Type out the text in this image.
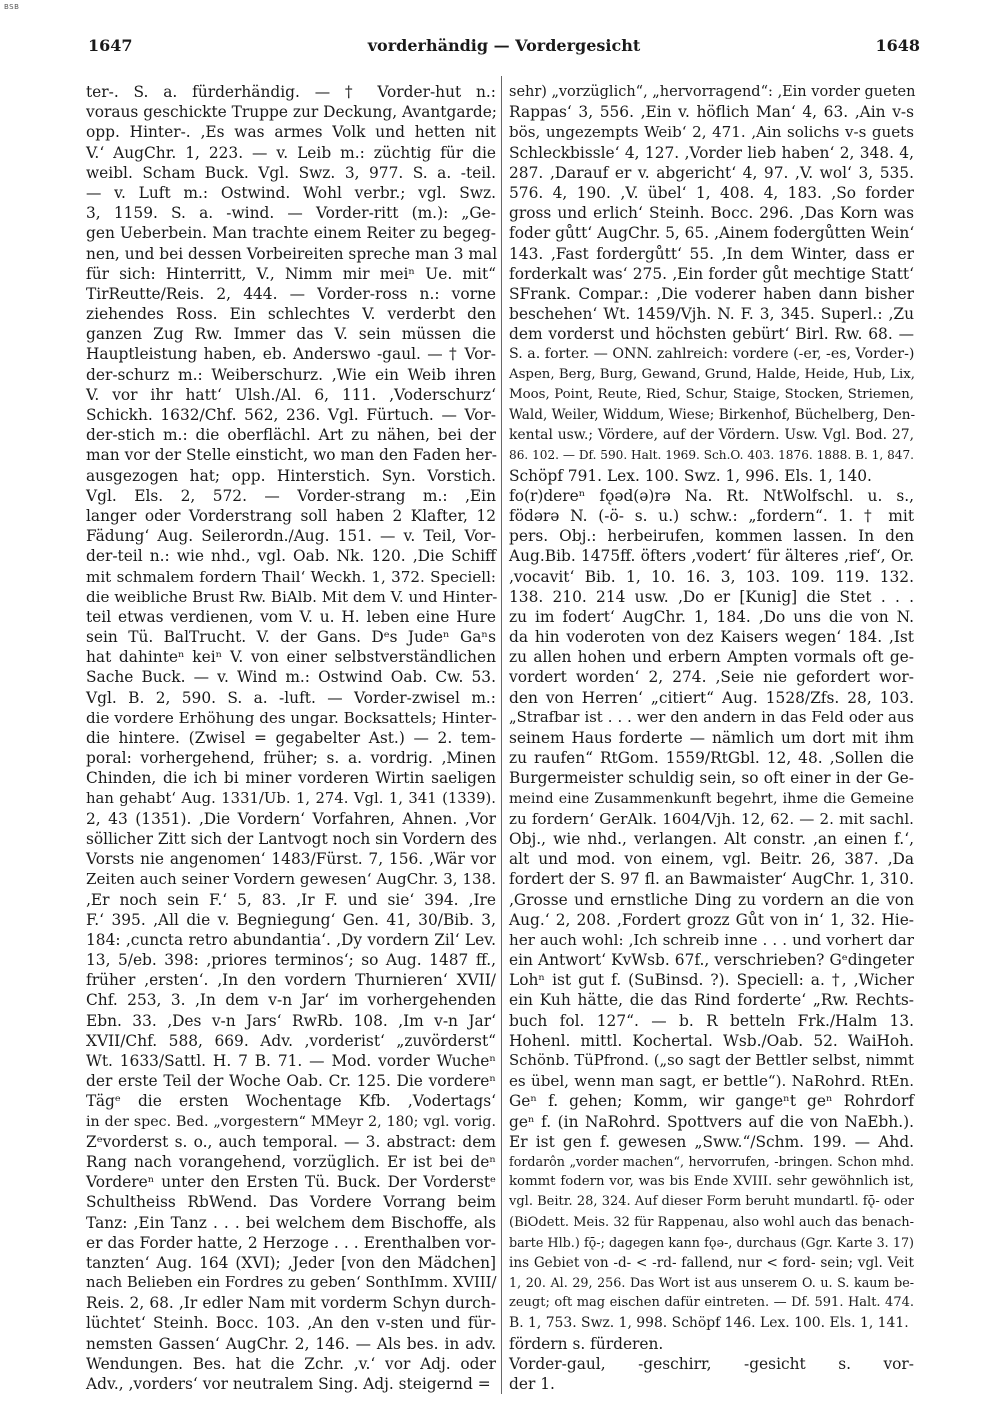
BSB
1647	vorderhändig — Vordergesicht	1648
ter-. S. a. fürderhändig. — † Vorder-hut n.:
voraus geschickte Truppe zur Deckung, Avantgarde;
opp. Hinter-. ‚Es was armes Volk und hetten nit
V.‘ AugChr. 1, 223. — v. Leib m.: züchtig für die
weibl. Scham Buck. Vgl. Swz. 3, 977. S. a. -teil.
— v. Luft m.: Ostwind. Wohl verbr.; vgl. Swz.
3, 1159. S. a. -wind. — Vorder-ritt (m.): „Ge-
gen Ueberbein. Man trachte einem Reiter zu begeg-
nen, und bei dessen Vorbeireiten spreche man 3 mal
für sich: Hinterritt, V., Nimm mir meiⁿ Ue. mit“
TirReutte/Reis. 2, 444. — Vorder-ross n.: vorne
ziehendes Ross. Ein schlechtes V. verderbt den
ganzen Zug Rw. Immer das V. sein müssen die
Hauptleistung haben, eb. Anderswo -gaul. — † Vor-
der-schurz m.: Weiberschurz. ‚Wie ein Weib ihren
V. vor ihr hatt‘ Ulsh./Al. 6, 111. ‚Voderschurz‘
Schickh. 1632/Chf. 562, 236. Vgl. Fürtuch. — Vor-
der-stich m.: die oberflächl. Art zu nähen, bei der
man vor der Stelle einsticht, wo man den Faden her-
ausgezogen hat; opp. Hinterstich. Syn. Vorstich.
Vgl. Els. 2, 572. — Vorder-strang m.: ‚Ein
langer oder Vorderstrang soll haben 2 Klafter, 12
Fädung‘ Aug. Seilerordn./Aug. 151. — v. Teil, Vor-
der-teil n.: wie nhd., vgl. Oab. Nk. 120. ‚Die Schiff
mit schmalem fordern Thail‘ Weckh. 1, 372. Speciell:
die weibliche Brust Rw. BiAlb. Mit dem V. und Hinter-
teil etwas verdienen, vom V. u. H. leben eine Hure
sein Tü. BalTrucht. V. der Gans. Dᵉs Judeⁿ Gaⁿs
hat dahinteⁿ keiⁿ V. von einer selbstverständlichen
Sache Buck. — v. Wind m.: Ostwind Oab. Cw. 53.
Vgl. B. 2, 590. S. a. -luft. — Vorder-zwisel m.:
die vordere Erhöhung des ungar. Bocksattels; Hinter-
die hintere. (Zwisel = gegabelter Ast.) — 2. tem-
poral: vorhergehend, früher; s. a. vordrig. ‚Minen
Chinden, die ich bi miner vorderen Wirtin saeligen
han gehabt‘ Aug. 1331/Ub. 1, 274. Vgl. 1, 341 (1339).
2, 43 (1351). ‚Die Vordern‘ Vorfahren, Ahnen. ‚Vor
söllicher Zitt sich der Lantvogt noch sin Vordern des
Vorsts nie angenomen‘ 1483/Fürst. 7, 156. ‚Wär vor
Zeiten auch seiner Vordern gewesen‘ AugChr. 3, 138.
‚Er noch sein F.‘ 5, 83. ‚Ir F. und sie‘ 394. ‚Ire
F.‘ 395. ‚All die v. Begniegung‘ Gen. 41, 30/Bib. 3,
184: ‚cuncta retro abundantia‘. ‚Dy vordern Zil‘ Lev.
13, 5/eb. 398: ‚priores terminos‘; so Aug. 1487 ff.,
früher ‚ersten‘. ‚In den vordern Thurnieren‘ XVII/
Chf. 253, 3. ‚In dem v-n Jar‘ im vorhergehenden
Ebn. 33. ‚Des v-n Jars‘ RwRb. 108. ‚Im v-n Jar‘
XVII/Chf. 588, 669. Adv. ‚vorderist‘ „zuvörderst“
Wt. 1633/Sattl. H. 7 B. 71. — Mod. vorder Wucheⁿ
der erste Teil der Woche Oab. Cr. 125. Die vordereⁿ
Tägᵉ die ersten Wochentage Kfb. ‚Vodertags‘
in der spec. Bed. „vorgestern“ MMeyr 2, 180; vgl. vorig.
Zᵉvorderst s. o., auch temporal. — 3. abstract: dem
Rang nach vorangehend, vorzüglich. Er ist bei deⁿ
Vordereⁿ unter den Ersten Tü. Buck. Der Vorderstᵉ
Schultheiss RbWend. Das Vordere Vorrang beim
Tanz: ‚Ein Tanz . . . bei welchem dem Bischoffe, als
er das Forder hatte, 2 Herzoge . . . Erenthalben vor-
tanzten‘ Aug. 164 (XVI); ‚Jeder [von den Mädchen]
nach Belieben ein Fordres zu geben‘ SonthImm. XVIII/
Reis. 2, 68. ‚Ir edler Nam mit vorderm Schyn durch-
lüchtet‘ Steinh. Bocc. 103. ‚An den v-sten und für-
nemsten Gassen‘ AugChr. 2, 146. — Als bes. in adv.
Wendungen. Bes. hat die Zchr. ‚v.‘ vor Adj. oder
Adv., ‚vorders‘ vor neutralem Sing. Adj. steigernd =
sehr) „vorzüglich“, „hervorragend“: ‚Ein vorder gueten
Rappas‘ 3, 556. ‚Ein v. höflich Man‘ 4, 63. ‚Ain v-s
bös, ungezempts Weib‘ 2, 471. ‚Ain solichs v-s guets
Schleckbissle‘ 4, 127. ‚Vorder lieb haben‘ 2, 348. 4,
287. ‚Darauf er v. abgericht‘ 4, 97. ‚V. wol‘ 3, 535.
576. 4, 190. ‚V. übel‘ 1, 408. 4, 183. ‚So forder
gross und erlich‘ Steinh. Bocc. 296. ‚Das Korn was
foder gůtt‘ AugChr. 5, 65. ‚Ainem fodergůtten Wein‘
143. ‚Fast fordergůtt‘ 55. ‚In dem Winter, dass er
forderkalt was‘ 275. ‚Ein forder gůt mechtige Statt‘
SFrank. Compar.: ‚Die voderer haben dann bisher
beschehen‘ Wt. 1459/Vjh. N. F. 3, 345. Superl.: ‚Zu
dem vorderst und höchsten gebürt‘ Birl. Rw. 68. —
S. a. forter. — ONN. zahlreich: vordere (-er, -es, Vorder-)
Aspen, Berg, Burg, Gewand, Grund, Halde, Heide, Hub, Lix,
Moos, Point, Reute, Ried, Schur, Staige, Stocken, Striemen,
Wald, Weiler, Widdum, Wiese; Birkenhof, Büchelberg, Den-
kental usw.; Vördere, auf der Vördern. Usw. Vgl. Bod. 27,
86. 102. — Df. 590. Halt. 1969. Sch.O. 403. 1876. 1888. B. 1, 847.
Schöpf 791. Lex. 100. Swz. 1, 996. Els. 1, 140.
fo(r)dereⁿ fǫəd(ə)rə Na. Rt. NtWolfschl. u. s.,
födərə N. (-ö- s. u.) schw.: „fordern“. 1. † mit
pers. Obj.: herbeirufen, kommen lassen. In den
Aug.Bib. 1475ff. öfters ‚vodert‘ für älteres ‚rief‘, Or.
‚vocavit‘ Bib. 1, 10. 16. 3, 103. 109. 119. 132.
138. 210. 214 usw. ‚Do er [Kunig] die Stet . . .
zu im fodert‘ AugChr. 1, 184. ‚Do uns die von N.
da hin voderoten von dez Kaisers wegen‘ 184. ‚Ist
zu allen hohen und erbern Ampten vormals oft ge-
vordert worden‘ 2, 274. ‚Seie nie gefordert wor-
den von Herren‘ „citiert“ Aug. 1528/Zfs. 28, 103.
„Strafbar ist . . . wer den andern in das Feld oder aus
seinem Haus forderte — nämlich um dort mit ihm
zu raufen“ RtGom. 1559/RtGbl. 12, 48. ‚Sollen die
Burgermeister schuldig sein, so oft einer in der Ge-
meind eine Zusammenkunft begehrt, ihme die Gemeine
zu fordern‘ GerAlk. 1604/Vjh. 12, 62. — 2. mit sachl.
Obj., wie nhd., verlangen. Alt constr. ‚an einen f.‘,
alt und mod. von einem, vgl. Beitr. 26, 387. ‚Da
fordert der S. 97 fl. an Bawmaister‘ AugChr. 1, 310.
‚Grosse und ernstliche Ding zu vordern an die von
Aug.‘ 2, 208. ‚Fordert grozz Gůt von in‘ 1, 32. Hie-
her auch wohl: ‚Ich schreib inne . . . und vorhert dar
ein Antwort‘ KvWsb. 67f., verschrieben? Gᵉdingeter
Lohⁿ ist gut f. (SuBinsd. ?). Speciell: a. †, ‚Wicher
ein Kuh hätte, die das Rind forderte‘ „Rw. Rechts-
buch fol. 127“. — b. R betteln Frk./Halm 13.
Hohenl. mittl. Kochertal. Wsb./Oab. 52. WaiHoh.
Schönb. TüPfrond. („so sagt der Bettler selbst, nimmt
es übel, wenn man sagt, er bettle“). NaRohrd. RtEn.
Geⁿ f. gehen; Komm, wir gangeⁿt geⁿ Rohrdorf
geⁿ f. (in NaRohrd. Spottvers auf die von NaEbh.).
Er ist gen f. gewesen „Sww.“/Schm. 199. — Ahd.
fordarôn „vorder machen“, hervorrufen, -bringen. Schon mhd.
kommt fodern vor, was bis Ende XVIII. sehr gewöhnlich ist,
vgl. Beitr. 28, 324. Auf dieser Form beruht mundartl. fǭ- oder
(BiOdett. Meis. 32 für Rappenau, also wohl auch das benach-
barte Hlb.) fǭ-; dagegen kann fǫə-, durchaus (Ggr. Karte 3. 17)
ins Gebiet von -d- < -rd- fallend, nur < ford- sein; vgl. Veit
1, 20. Al. 29, 256. Das Wort ist aus unserem O. u. S. kaum be-
zeugt; oft mag eischen dafür eintreten. — Df. 591. Halt. 474.
B. 1, 753. Swz. 1, 998. Schöpf 146. Lex. 100. Els. 1, 141.
fördern s. fürderen.
Vorder-gaul, -geschirr, -gesicht s. vor-
der 1.
